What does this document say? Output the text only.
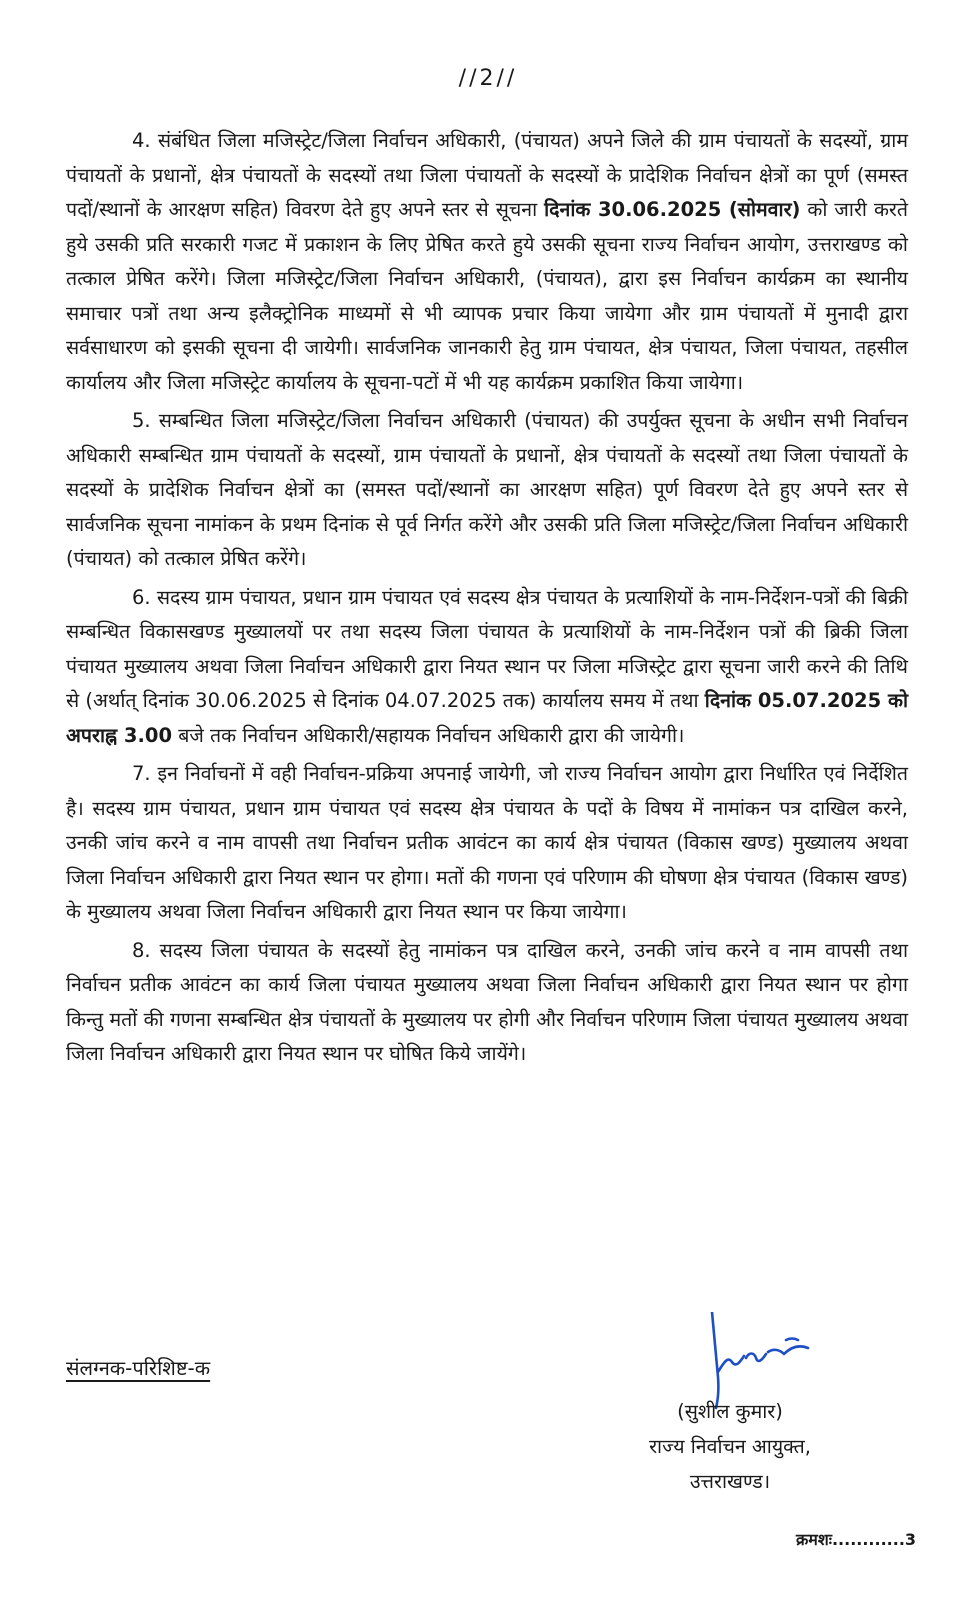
//2//

4. संबंधित जिला मजिस्ट्रेट/जिला निर्वाचन अधिकारी, (पंचायत) अपने जिले की ग्राम पंचायतों के सदस्यों, ग्राम पंचायतों के प्रधानों, क्षेत्र पंचायतों के सदस्यों तथा जिला पंचायतों के सदस्यों के प्रादेशिक निर्वाचन क्षेत्रों का पूर्ण (समस्त पदों/स्थानों के आरक्षण सहित) विवरण देते हुए अपने स्तर से सूचना दिनांक 30.06.2025 (सोमवार) को जारी करते हुये उसकी प्रति सरकारी गजट में प्रकाशन के लिए प्रेषित करते हुये उसकी सूचना राज्य निर्वाचन आयोग, उत्तराखण्ड को तत्काल प्रेषित करेंगे। जिला मजिस्ट्रेट/जिला निर्वाचन अधिकारी, (पंचायत), द्वारा इस निर्वाचन कार्यक्रम का स्थानीय समाचार पत्रों तथा अन्य इलैक्ट्रोनिक माध्यमों से भी व्यापक प्रचार किया जायेगा और ग्राम पंचायतों में मुनादी द्वारा सर्वसाधारण को इसकी सूचना दी जायेगी। सार्वजनिक जानकारी हेतु ग्राम पंचायत, क्षेत्र पंचायत, जिला पंचायत, तहसील कार्यालय और जिला मजिस्ट्रेट कार्यालय के सूचना-पटों में भी यह कार्यक्रम प्रकाशित किया जायेगा।

5. सम्बन्धित जिला मजिस्ट्रेट/जिला निर्वाचन अधिकारी (पंचायत) की उपर्युक्त सूचना के अधीन सभी निर्वाचन अधिकारी सम्बन्धित ग्राम पंचायतों के सदस्यों, ग्राम पंचायतों के प्रधानों, क्षेत्र पंचायतों के सदस्यों तथा जिला पंचायतों के सदस्यों के प्रादेशिक निर्वाचन क्षेत्रों का (समस्त पदों/स्थानों का आरक्षण सहित) पूर्ण विवरण देते हुए अपने स्तर से सार्वजनिक सूचना नामांकन के प्रथम दिनांक से पूर्व निर्गत करेंगे और उसकी प्रति जिला मजिस्ट्रेट/जिला निर्वाचन अधिकारी (पंचायत) को तत्काल प्रेषित करेंगे।

6. सदस्य ग्राम पंचायत, प्रधान ग्राम पंचायत एवं सदस्य क्षेत्र पंचायत के प्रत्याशियों के नाम-निर्देशन-पत्रों की बिक्री सम्बन्धित विकासखण्ड मुख्यालयों पर तथा सदस्य जिला पंचायत के प्रत्याशियों के नाम-निर्देशन पत्रों की ब्रिकी जिला पंचायत मुख्यालय अथवा जिला निर्वाचन अधिकारी द्वारा नियत स्थान पर जिला मजिस्ट्रेट द्वारा सूचना जारी करने की तिथि से (अर्थात् दिनांक 30.06.2025 से दिनांक 04.07.2025 तक) कार्यालय समय में तथा दिनांक 05.07.2025 को अपराह्न 3.00 बजे तक निर्वाचन अधिकारी/सहायक निर्वाचन अधिकारी द्वारा की जायेगी।

7. इन निर्वाचनों में वही निर्वाचन-प्रक्रिया अपनाई जायेगी, जो राज्य निर्वाचन आयोग द्वारा निर्धारित एवं निर्देशित है। सदस्य ग्राम पंचायत, प्रधान ग्राम पंचायत एवं सदस्य क्षेत्र पंचायत के पदों के विषय में नामांकन पत्र दाखिल करने, उनकी जांच करने व नाम वापसी तथा निर्वाचन प्रतीक आवंटन का कार्य क्षेत्र पंचायत (विकास खण्ड) मुख्यालय अथवा जिला निर्वाचन अधिकारी द्वारा नियत स्थान पर होगा। मतों की गणना एवं परिणाम की घोषणा क्षेत्र पंचायत (विकास खण्ड) के मुख्यालय अथवा जिला निर्वाचन अधिकारी द्वारा नियत स्थान पर किया जायेगा।

8. सदस्य जिला पंचायत के सदस्यों हेतु नामांकन पत्र दाखिल करने, उनकी जांच करने व नाम वापसी तथा निर्वाचन प्रतीक आवंटन का कार्य जिला पंचायत मुख्यालय अथवा जिला निर्वाचन अधिकारी द्वारा नियत स्थान पर होगा किन्तु मतों की गणना सम्बन्धित क्षेत्र पंचायतों के मुख्यालय पर होगी और निर्वाचन परिणाम जिला पंचायत मुख्यालय अथवा जिला निर्वाचन अधिकारी द्वारा नियत स्थान पर घोषित किये जायेंगे।

संलग्नक-परिशिष्ट-क
(सुशील कुमार)
राज्य निर्वाचन आयुक्त,
उत्तराखण्ड।
क्रमशः............3
